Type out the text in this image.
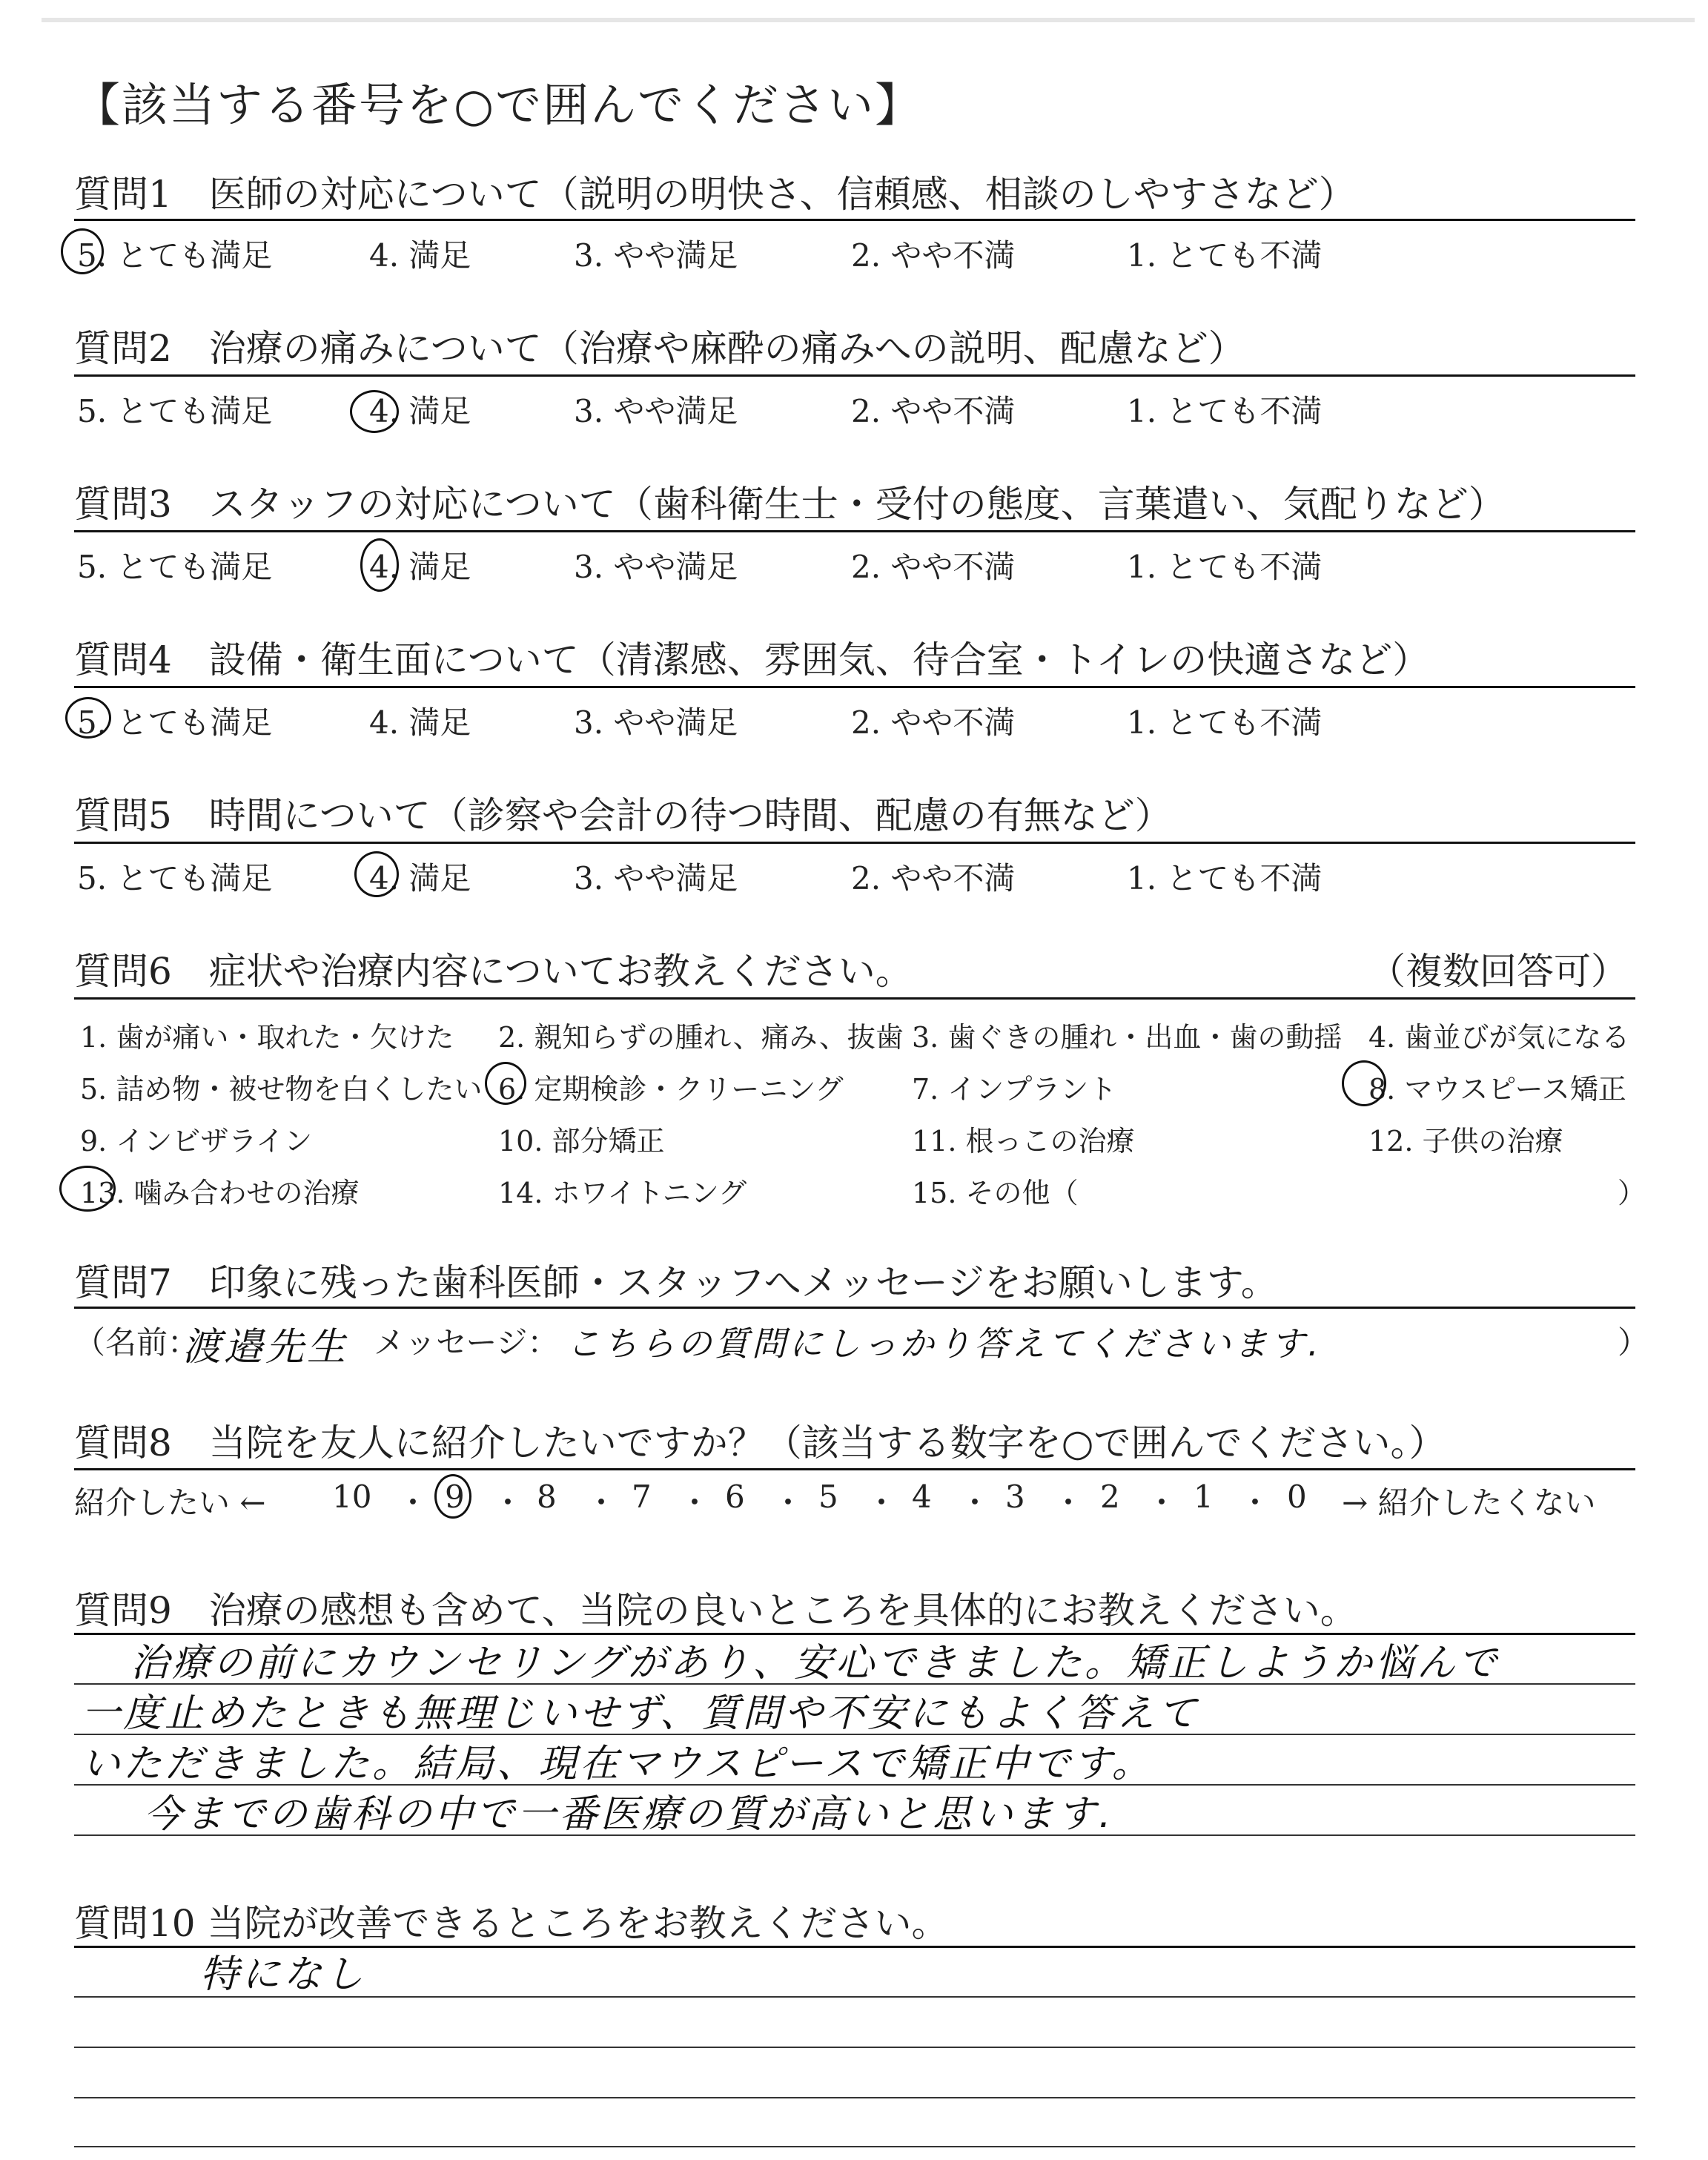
【該当する番号を○で囲んでください】
質問1　医師の対応について（説明の明快さ、信頼感、相談のしやすさなど）
5. とても満足	4. 満足	3. やや満足	2. やや不満	1. とても不満
質問2　治療の痛みについて（治療や麻酔の痛みへの説明、配慮など）
5. とても満足	4. 満足	3. やや満足	2. やや不満	1. とても不満
質問3　スタッフの対応について（歯科衛生士・受付の態度、言葉遣い、気配りなど）
5. とても満足	4. 満足	3. やや満足	2. やや不満	1. とても不満
質問4　設備・衛生面について（清潔感、雰囲気、待合室・トイレの快適さなど）
5. とても満足	4. 満足	3. やや満足	2. やや不満	1. とても不満
質問5　時間について（診察や会計の待つ時間、配慮の有無など）
5. とても満足	4. 満足	3. やや満足	2. やや不満	1. とても不満
質問6　症状や治療内容についてお教えください。	（複数回答可）
1. 歯が痛い・取れた・欠けた 2. 親知らずの腫れ、痛み、抜歯 3. 歯ぐきの腫れ・出血・歯の動揺 4. 歯並びが気になる
5. 詰め物・被せ物を白くしたい 6. 定期検診・クリーニング 7. インプラント	8. マウスピース矯正
9. インビザライン	10. 部分矯正	11. 根っこの治療	12. 子供の治療
13. 噛み合わせの治療	14. ホワイトニング	15. その他（	）
質問7　印象に残った歯科医師・スタッフへメッセージをお願いします。
（名前：
渡邉先生 メッセージ： こちらの質問にしっかり答えてくださいます.	）
質問8　当院を友人に紹介したいですか？（該当する数字を○で囲んでください。）
紹介したい ← 10 ・ 9 ・ 8 ・ 7 ・ 6 ・ 5 ・ 4 ・ 3 ・ 2 ・ 1 ・ 0 → 紹介したくない
質問9　治療の感想も含めて、当院の良いところを具体的にお教えください。
治療の前にカウンセリングがあり、安心できました。矯正しようか悩んで
一度止めたときも無理じいせず、質問や不安にもよく答えて
いただきました。結局、現在マウスピースで矯正中です。
今までの歯科の中で一番医療の質が高いと思います.
質問10 当院が改善できるところをお教えください。
特になし
